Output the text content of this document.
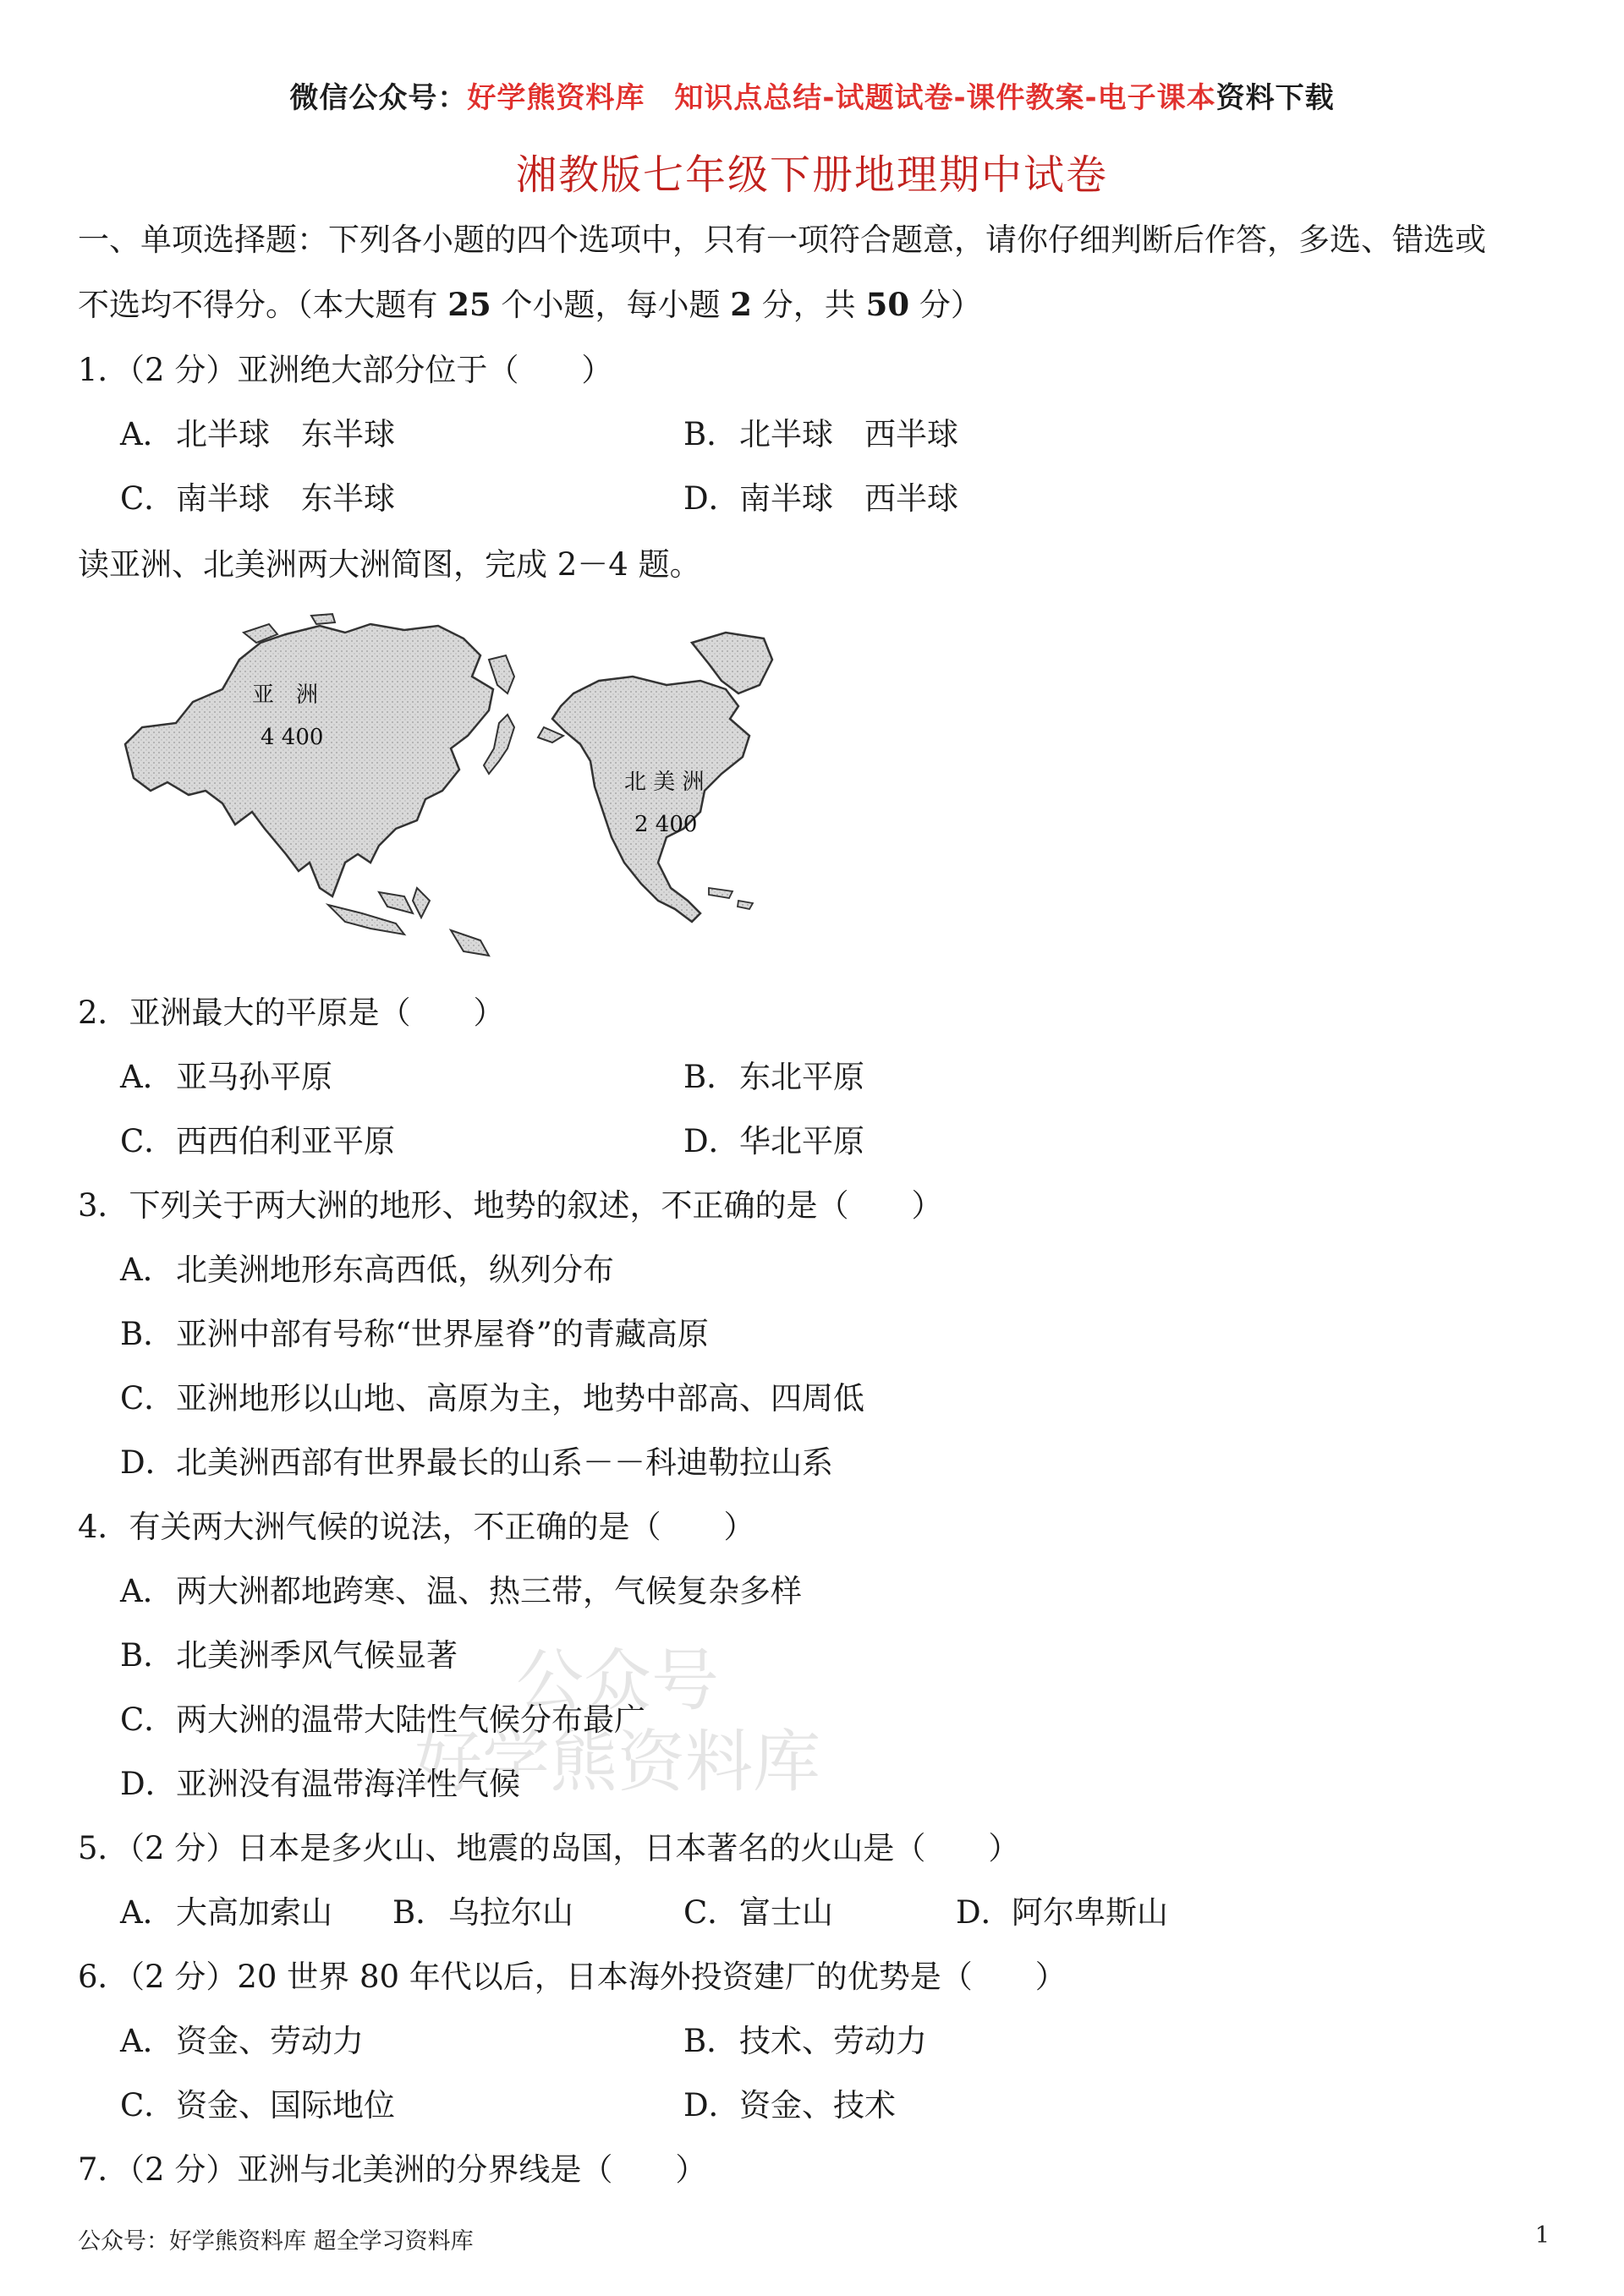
微信公众号：好学熊资料库　知识点总结-试题试卷-课件教案-电子课本资料下载
湘教版七年级下册地理期中试卷
一、单项选择题：下列各小题的四个选项中，只有一项符合题意，请你仔细判断后作答，多选、错选或
不选均不得分。（本大题有 25 个小题，每小题 2 分，共 50 分）
1．（2 分）亚洲绝大部分位于（　　）
A．北半球　东半球	B．北半球　西半球
C．南半球　东半球	D．南半球　西半球
读亚洲、北美洲两大洲简图，完成 2－4 题。
亚　洲
4 400
北 美 洲
2 400
2．亚洲最大的平原是（　　）
A．亚马孙平原	B．东北平原
C．西西伯利亚平原	D．华北平原
3．下列关于两大洲的地形、地势的叙述，不正确的是（　　）
A．北美洲地形东高西低，纵列分布
B．亚洲中部有号称“世界屋脊”的青藏高原
C．亚洲地形以山地、高原为主，地势中部高、四周低
D．北美洲西部有世界最长的山系－－科迪勒拉山系
4．有关两大洲气候的说法，不正确的是（　　）
A．两大洲都地跨寒、温、热三带，气候复杂多样
B．北美洲季风气候显著
C．两大洲的温带大陆性气候分布最广
D．亚洲没有温带海洋性气候
5．（2 分）日本是多火山、地震的岛国，日本著名的火山是（　　）
A．大高加索山 B．乌拉尔山	C．富士山	D．阿尔卑斯山
6．（2 分）20 世界 80 年代以后，日本海外投资建厂的优势是（　　）
A．资金、劳动力	B．技术、劳动力
C．资金、国际地位	D．资金、技术
7．（2 分）亚洲与北美洲的分界线是（　　）
公众号
好学熊资料库
公众号：好学熊资料库 超全学习资料库	1
